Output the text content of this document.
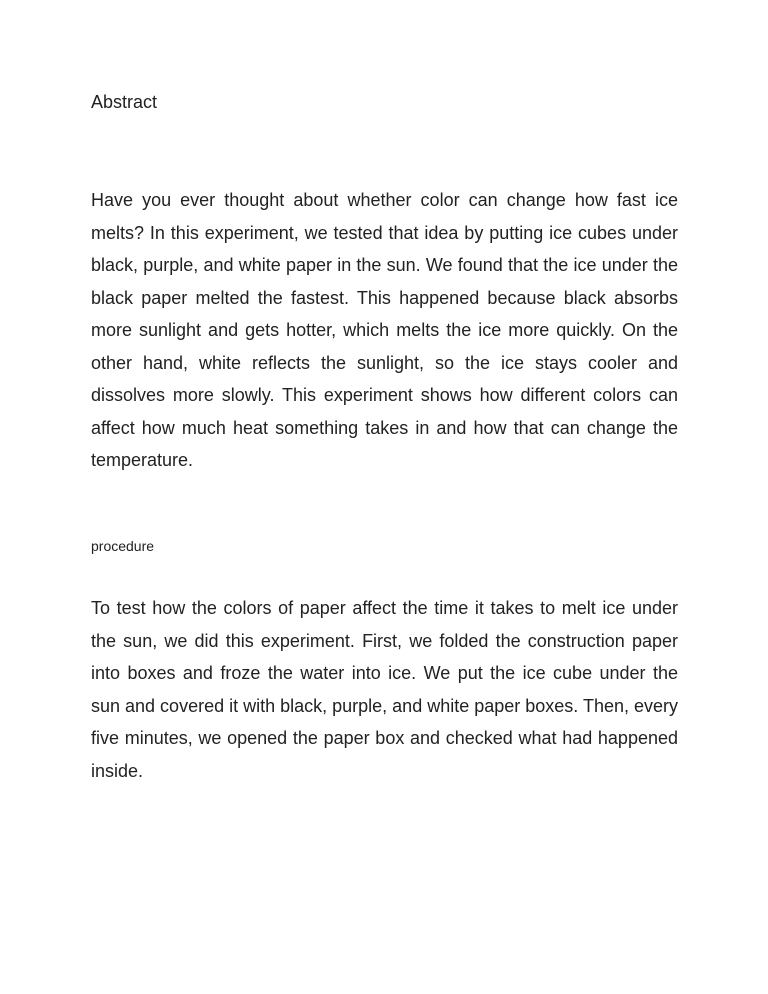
Abstract

Have you ever thought about whether color can change how fast ice melts? In this experiment, we tested that idea by putting ice cubes under black, purple, and white paper in the sun. We found that the ice under the black paper melted the fastest. This happened because black absorbs more sunlight and gets hotter, which melts the ice more quickly. On the other hand, white reflects the sunlight, so the ice stays cooler and dissolves more slowly. This experiment shows how different colors can affect how much heat something takes in and how that can change the temperature.

procedure

To test how the colors of paper affect the time it takes to melt ice under the sun, we did this experiment. First, we folded the construction paper into boxes and froze the water into ice. We put the ice cube under the sun and covered it with black, purple, and white paper boxes. Then, every five minutes, we opened the paper box and checked what had happened inside.
